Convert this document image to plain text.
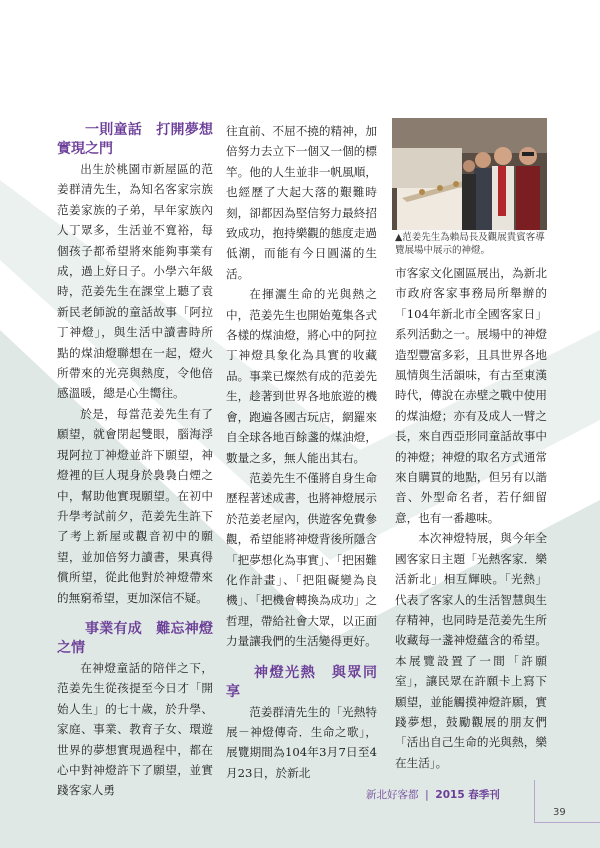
一則童話　打開夢想實現之門

出生於桃園市新屋區的范姜群清先生，為知名客家宗族范姜家族的子弟，早年家族內人丁眾多，生活並不寬裕，每個孩子都希望將來能夠事業有成，過上好日子。小學六年級時，范姜先生在課堂上聽了袁新民老師說的童話故事「阿拉丁神燈」，與生活中讀書時所點的煤油燈聯想在一起，燈火所帶來的光亮與熱度，令他倍感溫暖，總是心生嚮往。

於是，每當范姜先生有了願望，就會閉起雙眼，腦海浮現阿拉丁神燈並許下願望，神燈裡的巨人現身於裊裊白煙之中，幫助他實現願望。在初中升學考試前夕，范姜先生許下了考上新屋或觀音初中的願望，並加倍努力讀書，果真得償所望，從此他對於神燈帶來的無窮希望，更加深信不疑。

事業有成　難忘神燈之情

在神燈童話的陪伴之下，范姜先生從孩提至今日才「開始人生」的七十歲，於升學、家庭、事業、教育子女、環遊世界的夢想實現過程中，都在心中對神燈許下了願望，並實踐客家人勇

往直前、不屈不撓的精神，加倍努力去立下一個又一個的標竿。他的人生並非一帆風順，也經歷了大起大落的艱難時刻，卻都因為堅信努力最終招致成功，抱持樂觀的態度走過低潮，而能有今日圓滿的生活。

在揮灑生命的光與熱之中，范姜先生也開始蒐集各式各樣的煤油燈，將心中的阿拉丁神燈具象化為具實的收藏品。事業已燦然有成的范姜先生，趁著到世界各地旅遊的機會，跑遍各國古玩店，網羅來自全球各地百餘盞的煤油燈，數量之多，無人能出其右。

范姜先生不僅將自身生命歷程著述成書，也將神燈展示於范姜老屋內，供遊客免費參觀，希望能將神燈背後所隱含「把夢想化為事實」、「把困難化作計畫」、「把阻礙變為良機」、「把機會轉換為成功」之哲理，帶給社會大眾，以正面力量讓我們的生活變得更好。

神燈光熱　與眾同享

范姜群清先生的「光熱特展－神燈傳奇．生命之歌」，展覽期間為104年3月7日至4月23日，於新北

▲范姜先生為賴局長及觀展貴賓客導覽展場中展示的神燈。

市客家文化園區展出，為新北市政府客家事務局所舉辦的「104年新北市全國客家日」系列活動之一。展場中的神燈造型豐富多彩，且具世界各地風情與生活韻味，有古至東漢時代，傳說在赤壁之戰中使用的煤油燈；亦有及成人一臂之長，來自西亞形同童話故事中的神燈；神燈的取名方式通常來自購買的地點，但另有以諧音、外型命名者，若仔細留意，也有一番趣味。

本次神燈特展，與今年全國客家日主題「光熱客家．樂活新北」相互輝映。「光熱」代表了客家人的生活智慧與生存精神，也同時是范姜先生所收藏每一盞神燈蘊含的希望。本展覽設置了一間「許願室」，讓民眾在許願卡上寫下願望，並能觸摸神燈許願，實踐夢想，鼓勵觀展的朋友們「活出自己生命的光與熱，樂在生活」。

新北好客都  |  2015 春季刊
39
